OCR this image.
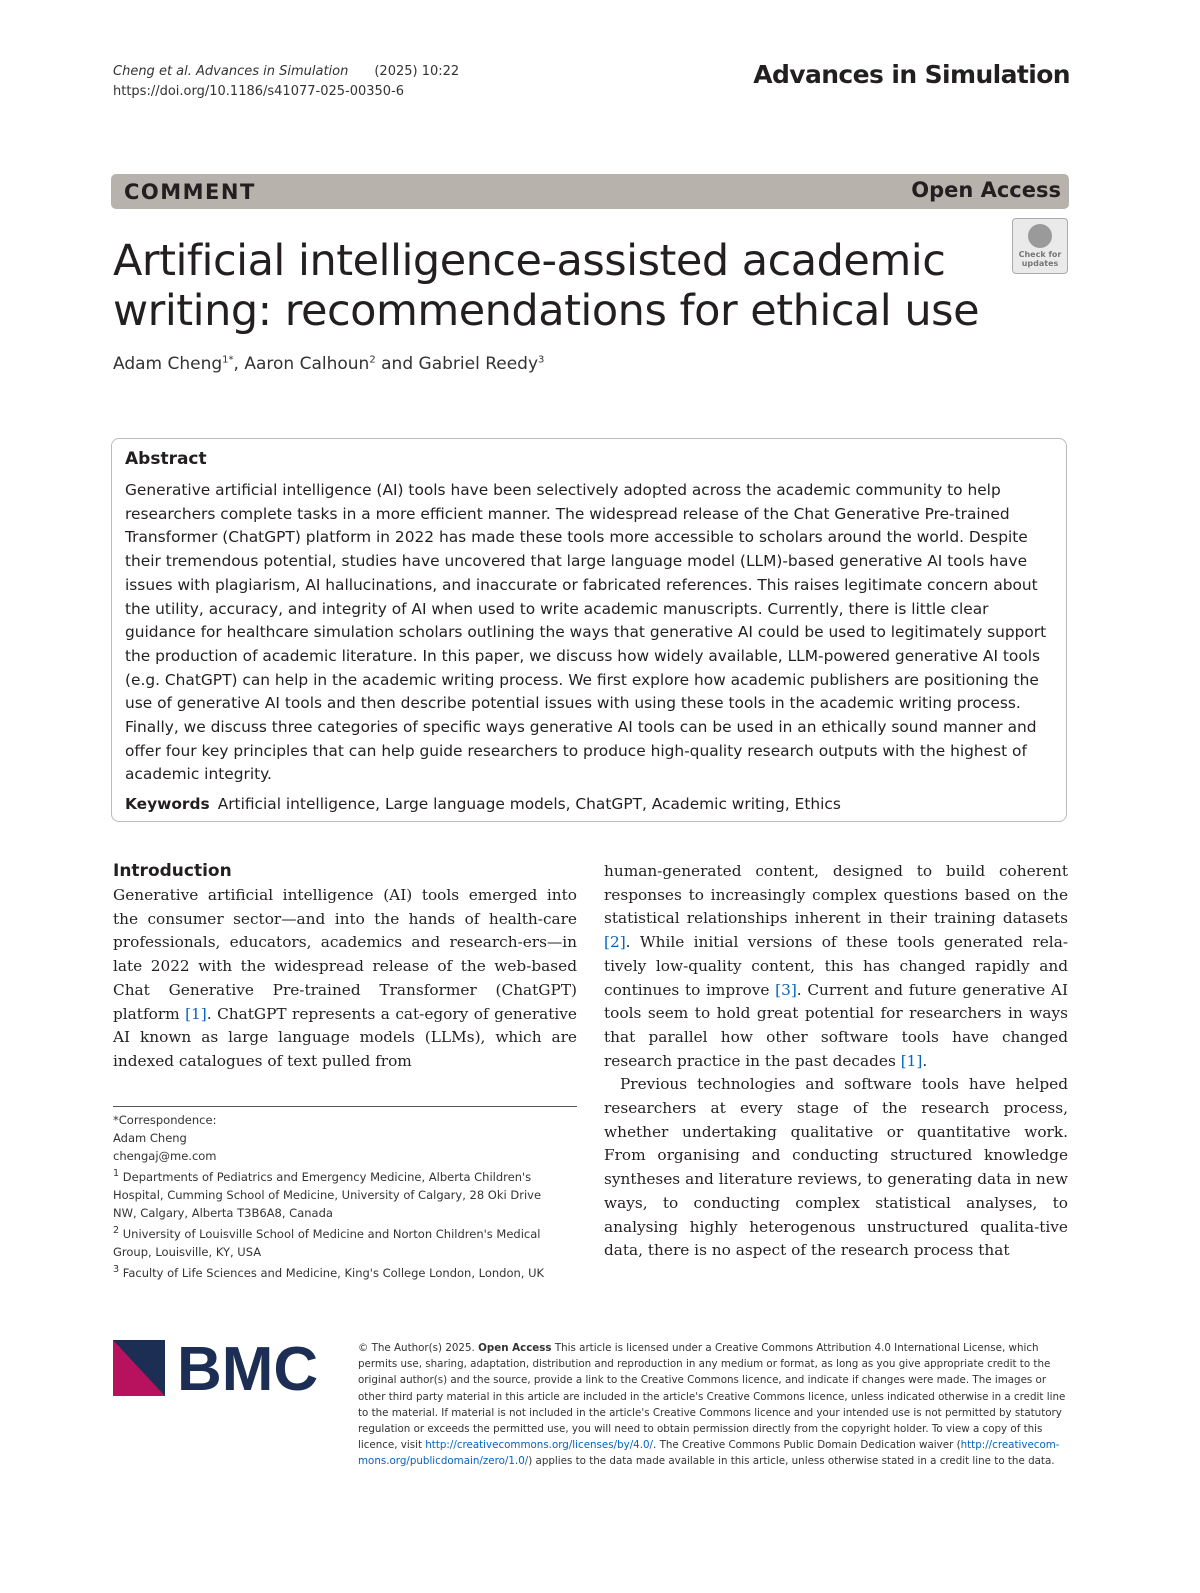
Cheng et al. Advances in Simulation (2025) 10:22
https://doi.org/10.1186/s41077-025-00350-6
Advances in Simulation
COMMENT	Open Access
Check for updates
Artificial intelligence-assisted academic writing: recommendations for ethical use
Adam Cheng$^{1*}$, Aaron Calhoun$^2$ and Gabriel Reedy$^3$
Abstract
Generative artificial intelligence (AI) tools have been selectively adopted across the academic community to help researchers complete tasks in a more efficient manner. The widespread release of the Chat Generative Pre-trained Transformer (ChatGPT) platform in 2022 has made these tools more accessible to scholars around the world. Despite their tremendous potential, studies have uncovered that large language model (LLM)-based generative AI tools have issues with plagiarism, AI hallucinations, and inaccurate or fabricated references. This raises legitimate concern about the utility, accuracy, and integrity of AI when used to write academic manuscripts. Currently, there is little clear guidance for healthcare simulation scholars outlining the ways that generative AI could be used to legitimately support the production of academic literature. In this paper, we discuss how widely available, LLM-powered generative AI tools (e.g. ChatGPT) can help in the academic writing process. We first explore how academic publishers are positioning the use of generative AI tools and then describe potential issues with using these tools in the academic writing process. Finally, we discuss three categories of specific ways generative AI tools can be used in an ethically sound manner and offer four key principles that can help guide researchers to produce high-quality research outputs with the highest of academic integrity.
Keywords Artificial intelligence, Large language models, ChatGPT, Academic writing, Ethics
Introduction
Generative artificial intelligence (AI) tools emerged into the consumer sector—and into the hands of health-care professionals, educators, academics and research-ers—in late 2022 with the widespread release of the web-based Chat Generative Pre-trained Transformer (ChatGPT) platform [1]. ChatGPT represents a cat-egory of generative AI known as large language models (LLMs), which are indexed catalogues of text pulled from

human-generated content, designed to build coherent responses to increasingly complex questions based on the statistical relationships inherent in their training datasets [2]. While initial versions of these tools generated rela-tively low-quality content, this has changed rapidly and continues to improve [3]. Current and future generative AI tools seem to hold great potential for researchers in ways that parallel how other software tools have changed research practice in the past decades [1].

Previous technologies and software tools have helped researchers at every stage of the research process, whether undertaking qualitative or quantitative work. From organising and conducting structured knowledge syntheses and literature reviews, to generating data in new ways, to conducting complex statistical analyses, to analysing highly heterogenous unstructured qualita-tive data, there is no aspect of the research process that

*Correspondence:
Adam Cheng
chengaj@me.com
$^1$ Departments of Pediatrics and Emergency Medicine, Alberta Children's Hospital, Cumming School of Medicine, University of Calgary, 28 Oki Drive NW, Calgary, Alberta T3B6A8, Canada
$^2$ University of Louisville School of Medicine and Norton Children's Medical Group, Louisville, KY, USA
$^3$ Faculty of Life Sciences and Medicine, King's College London, London, UK
BMC	© The Author(s) 2025. Open Access This article is licensed under a Creative Commons Attribution 4.0 International License, which permits use, sharing, adaptation, distribution and reproduction in any medium or format, as long as you give appropriate credit to the original author(s) and the source, provide a link to the Creative Commons licence, and indicate if changes were made. The images or other third party material in this article are included in the article's Creative Commons licence, unless indicated otherwise in a credit line to the material. If material is not included in the article's Creative Commons licence and your intended use is not permitted by statutory regulation or exceeds the permitted use, you will need to obtain permission directly from the copyright holder. To view a copy of this licence, visit http://creativecommons.org/licenses/by/4.0/. The Creative Commons Public Domain Dedication waiver (http://creativecom-mons.org/publicdomain/zero/1.0/) applies to the data made available in this article, unless otherwise stated in a credit line to the data.
